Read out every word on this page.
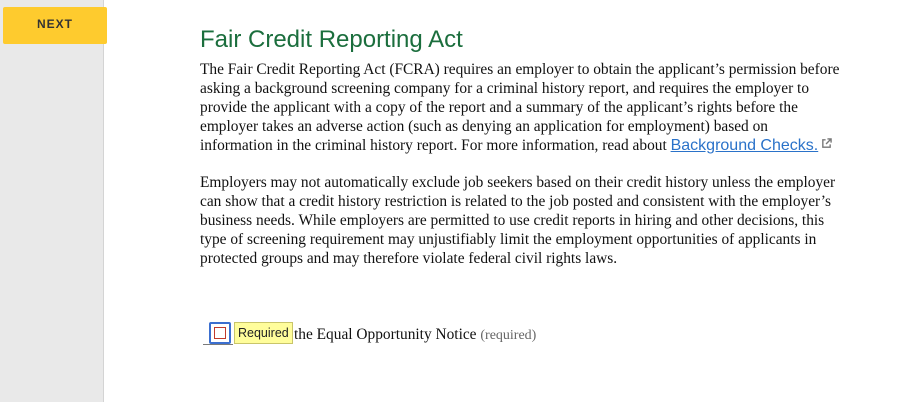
NEXT
Fair Credit Reporting Act

The Fair Credit Reporting Act (FCRA) requires an employer to obtain the applicant’s permission before asking a background screening company for a criminal history report, and requires the employer to provide the applicant with a copy of the report and a summary of the applicant’s rights before the employer takes an adverse action (such as denying an application for employment) based on information in the criminal history report. For more information, read about Background Checks.

Employers may not automatically exclude job seekers based on their credit history unless the employer can show that a credit history restriction is related to the job posted and consistent with the employer’s business needs. While employers are permitted to use credit reports in hiring and other decisions, this type of screening requirement may unjustifiably limit the employment opportunities of applicants in protected groups and may therefore violate federal civil rights laws.

Required the Equal Opportunity Notice (required)
